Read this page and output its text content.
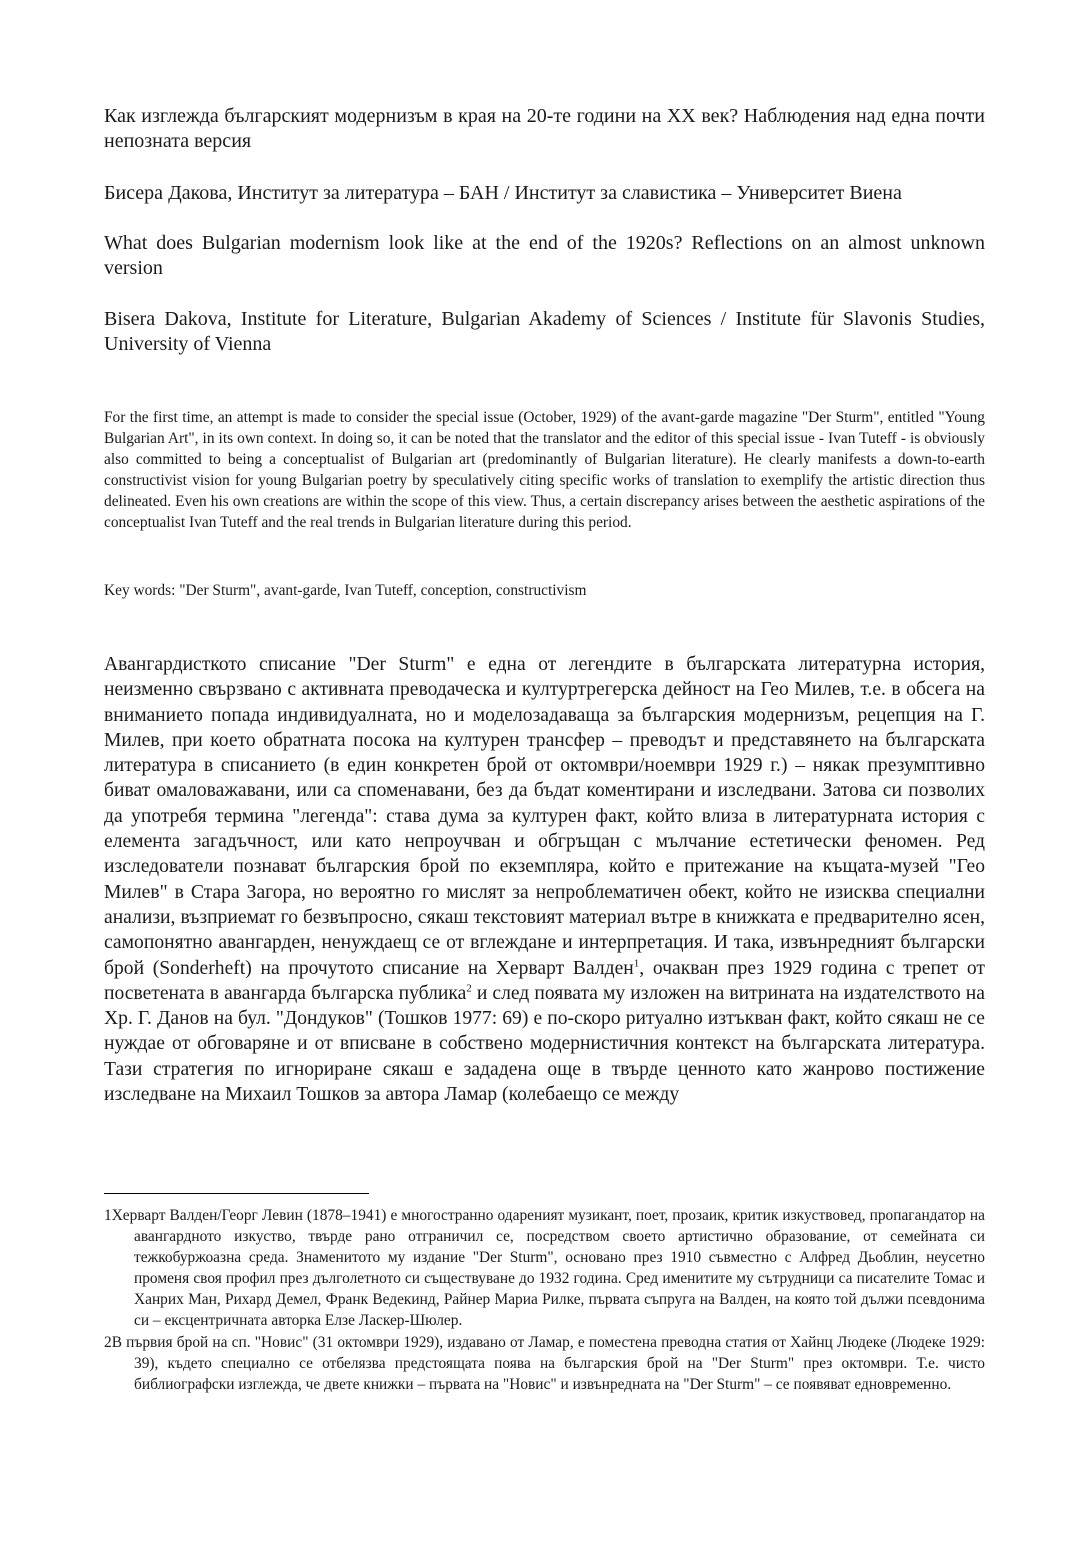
Как изглежда българският модернизъм в края на 20-те години на ХХ век? Наблюдения над една почти непозната версия

Бисера Дакова, Институт за литература – БАН / Институт за славистика – Университет Виена

What does Bulgarian modernism look like at the end of the 1920s? Reflections on an almost unknown version

Bisera Dakova, Institute for Literature, Bulgarian Akademy of Sciences / Institute für Slavonis Studies, University of Vienna

For the first time, an attempt is made to consider the special issue (October, 1929) of the avant-garde magazine "Der Sturm", entitled "Young Bulgarian Art", in its own context. In doing so, it can be noted that the translator and the editor of this special issue - Ivan Tuteff - is obviously also committed to being a conceptualist of Bulgarian art (predominantly of Bulgarian literature). He clearly manifests a down-to-earth constructivist vision for young Bulgarian poetry by speculatively citing specific works of translation to exemplify the artistic direction thus delineated. Even his own creations are within the scope of this view. Thus, a certain discrepancy arises between the aesthetic aspirations of the conceptualist Ivan Tuteff and the real trends in Bulgarian literature during this period.

Key words: "Der Sturm", avant-garde, Ivan Tuteff, conception, constructivism

Авангардисткото списание "Der Sturm" е една от легендите в българската литературна история, неизменно свързвано с активната преводаческа и културтрегерска дейност на Гео Милев, т.е. в обсега на вниманието попада индивидуалната, но и моделозадаваща за българския модернизъм, рецепция на Г. Милев, при което обратната посока на културен трансфер – преводът и представянето на българската литература в списанието (в един конкретен брой от октомври/ноември 1929 г.) – някак презумптивно биват омаловажавани, или са споменавани, без да бъдат коментирани и изследвани. Затова си позволих да употребя термина "легенда": става дума за културен факт, който влиза в литературната история с елемента загадъчност, или като непроучван и обгръщан с мълчание естетически феномен. Ред изследователи познават българския брой по екземпляра, който е притежание на къщата-музей "Гео Милев" в Стара Загора, но вероятно го мислят за непроблематичен обект, който не изисква специални анализи, възприемат го безвъпросно, сякаш текстовият материал вътре в книжката е предварително ясен, самопонятно авангарден, ненуждаещ се от вглеждане и интерпретация. И така, извънредният български брой (Sonderheft) на прочутото списание на Херварт Валден$^1$, очакван през 1929 година с трепет от посветената в авангарда българска публика$^2$ и след появата му изложен на витрината на издателството на Хр. Г. Данов на бул. "Дондуков" (Тошков 1977: 69) е по-скоро ритуално изтъкван факт, който сякаш не се нуждае от обговаряне и от вписване в собствено модернистичния контекст на българската литература. Тази стратегия по игнориране сякаш е зададена още в твърде ценното като жанрово постижение изследване на Михаил Тошков за автора Ламар (колебаещо се между

1Херварт Валден/Георг Левин (1878–1941) е многостранно одареният музикант, поет, прозаик, критик изкуствовед, пропагандатор на авангардното изкуство, твърде рано отграничил се, посредством своето артистично образование, от семейната си тежкобуржоазна среда. Знаменитото му издание "Der Sturm", основано през 1910 съвместно с Алфред Дьоблин, неусетно променя своя профил през дълголетното си съществуване до 1932 година. Сред именитите му сътрудници са писателите Томас и Ханрих Ман, Рихард Демел, Франк Ведекинд, Райнер Мариа Рилке, първата съпруга на Валден, на която той дължи псевдонима си – ексцентричната авторка Елзе Ласкер-Шюлер.

2В първия брой на сп. "Новис" (31 октомври 1929), издавано от Ламар, е поместена преводна статия от Хайнц Людеке (Людеке 1929: 39), където специално се отбелязва предстоящата поява на българския брой на "Der Sturm" през октомври. Т.е. чисто библиографски изглежда, че двете книжки – първата на "Новис" и извънредната на "Der Sturm" – се появяват едновременно.
